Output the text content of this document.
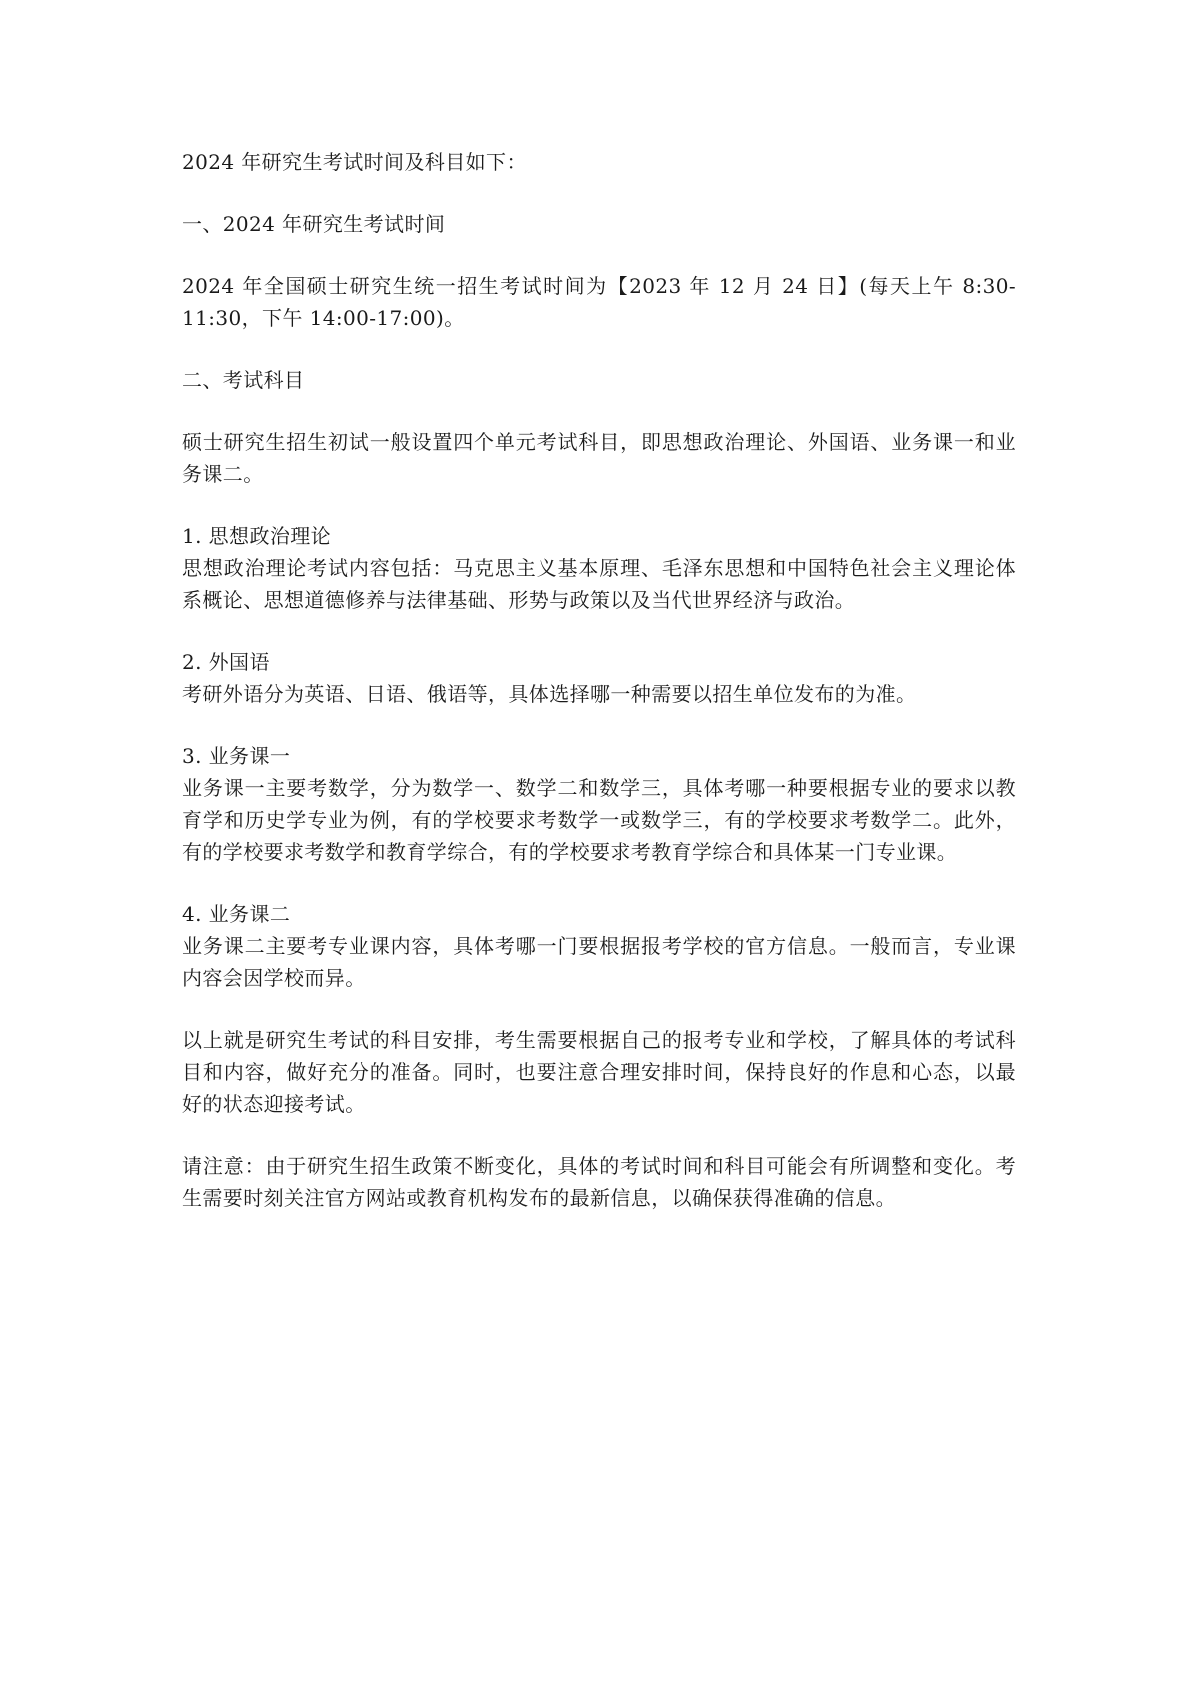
2024 年研究生考试时间及科目如下：

一、2024 年研究生考试时间

2024 年全国硕士研究生统一招生考试时间为【2023 年 12 月 24 日】(每天上午 8:30-11:30，下午 14:00-17:00)。

二、考试科目

硕士研究生招生初试一般设置四个单元考试科目，即思想政治理论、外国语、业务课一和业务课二。

1. 思想政治理论

思想政治理论考试内容包括：马克思主义基本原理、毛泽东思想和中国特色社会主义理论体系概论、思想道德修养与法律基础、形势与政策以及当代世界经济与政治。

2. 外国语

考研外语分为英语、日语、俄语等，具体选择哪一种需要以招生单位发布的为准。

3. 业务课一

业务课一主要考数学，分为数学一、数学二和数学三，具体考哪一种要根据专业的要求以教育学和历史学专业为例，有的学校要求考数学一或数学三，有的学校要求考数学二。此外，有的学校要求考数学和教育学综合，有的学校要求考教育学综合和具体某一门专业课。

4. 业务课二

业务课二主要考专业课内容，具体考哪一门要根据报考学校的官方信息。一般而言，专业课内容会因学校而异。

以上就是研究生考试的科目安排，考生需要根据自己的报考专业和学校，了解具体的考试科目和内容，做好充分的准备。同时，也要注意合理安排时间，保持良好的作息和心态，以最好的状态迎接考试。

请注意：由于研究生招生政策不断变化，具体的考试时间和科目可能会有所调整和变化。考生需要时刻关注官方网站或教育机构发布的最新信息，以确保获得准确的信息。
